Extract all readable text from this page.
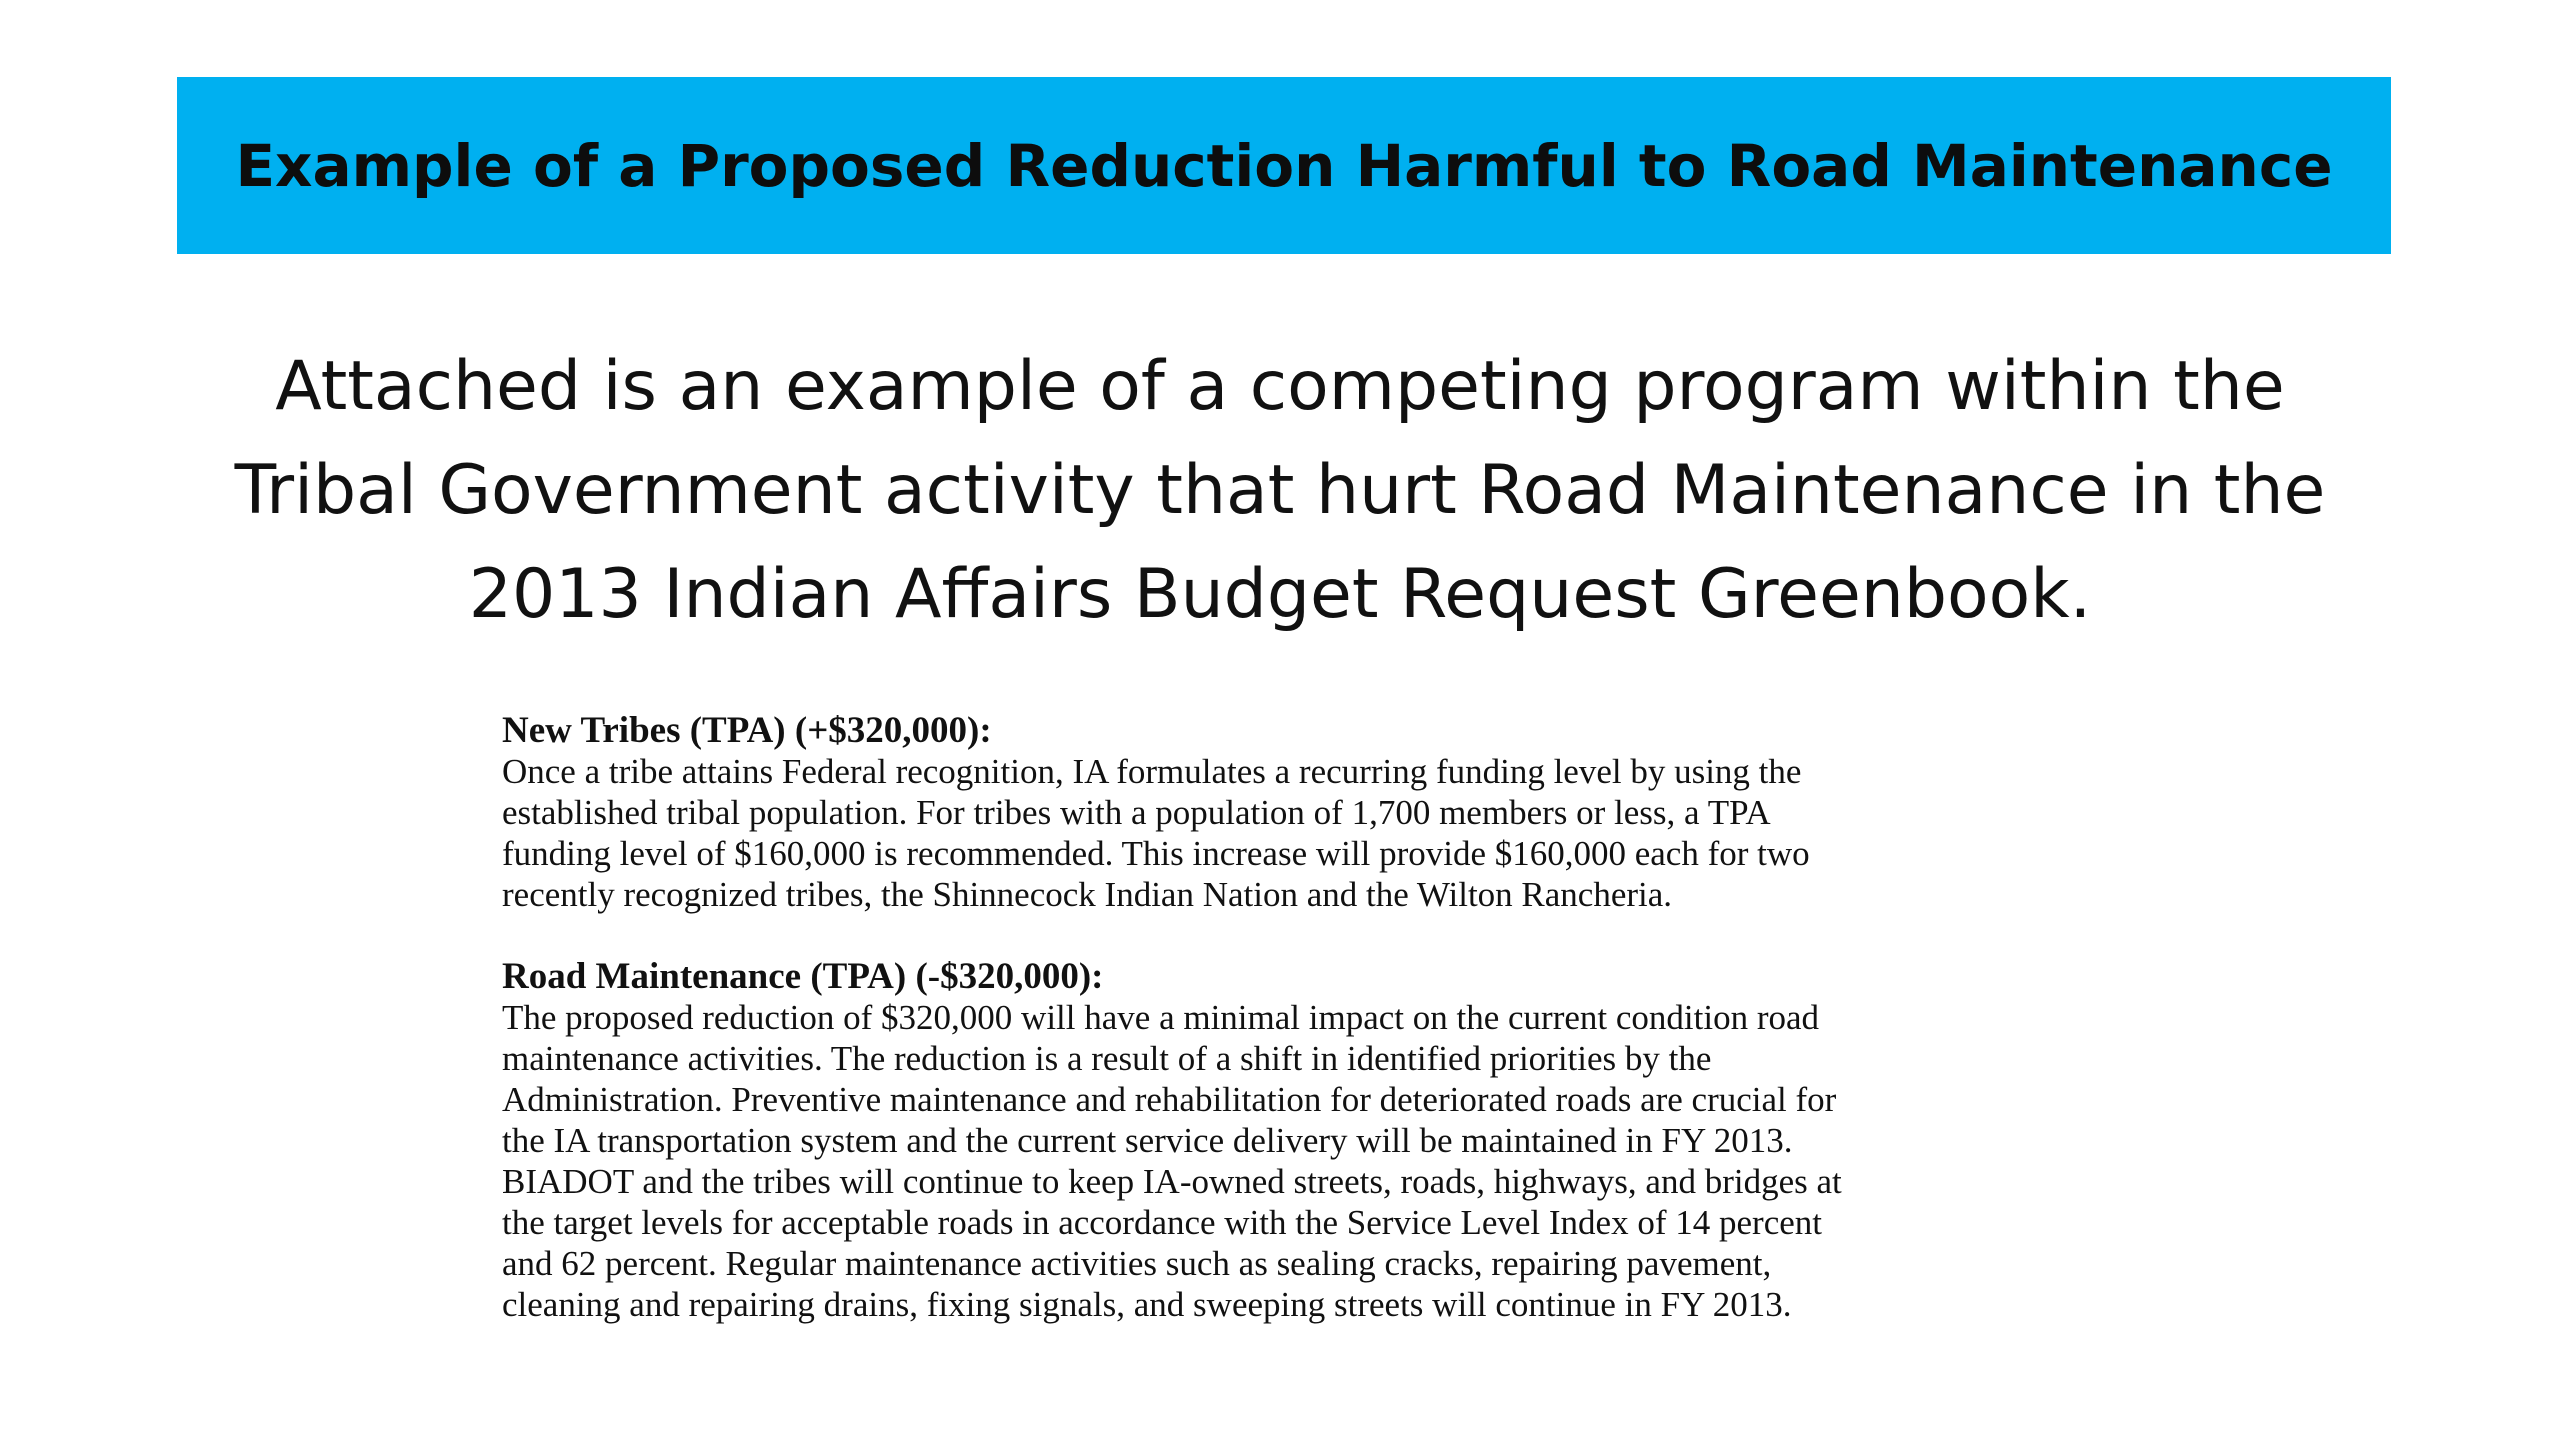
Example of a Proposed Reduction Harmful to Road Maintenance
Attached is an example of a competing program within the
Tribal Government activity that hurt Road Maintenance in the
2013 Indian Affairs Budget Request Greenbook.

New Tribes (TPA) (+$320,000):

Once a tribe attains Federal recognition, IA formulates a recurring funding level by using the

established tribal population. For tribes with a population of 1,700 members or less, a TPA

funding level of $160,000 is recommended. This increase will provide $160,000 each for two

recently recognized tribes, the Shinnecock Indian Nation and the Wilton Rancheria.

Road Maintenance (TPA) (-$320,000):

The proposed reduction of $320,000 will have a minimal impact on the current condition road

maintenance activities. The reduction is a result of a shift in identified priorities by the

Administration. Preventive maintenance and rehabilitation for deteriorated roads are crucial for

the IA transportation system and the current service delivery will be maintained in FY 2013.

BIADOT and the tribes will continue to keep IA-owned streets, roads, highways, and bridges at

the target levels for acceptable roads in accordance with the Service Level Index of 14 percent

and 62 percent. Regular maintenance activities such as sealing cracks, repairing pavement,

cleaning and repairing drains, fixing signals, and sweeping streets will continue in FY 2013.
